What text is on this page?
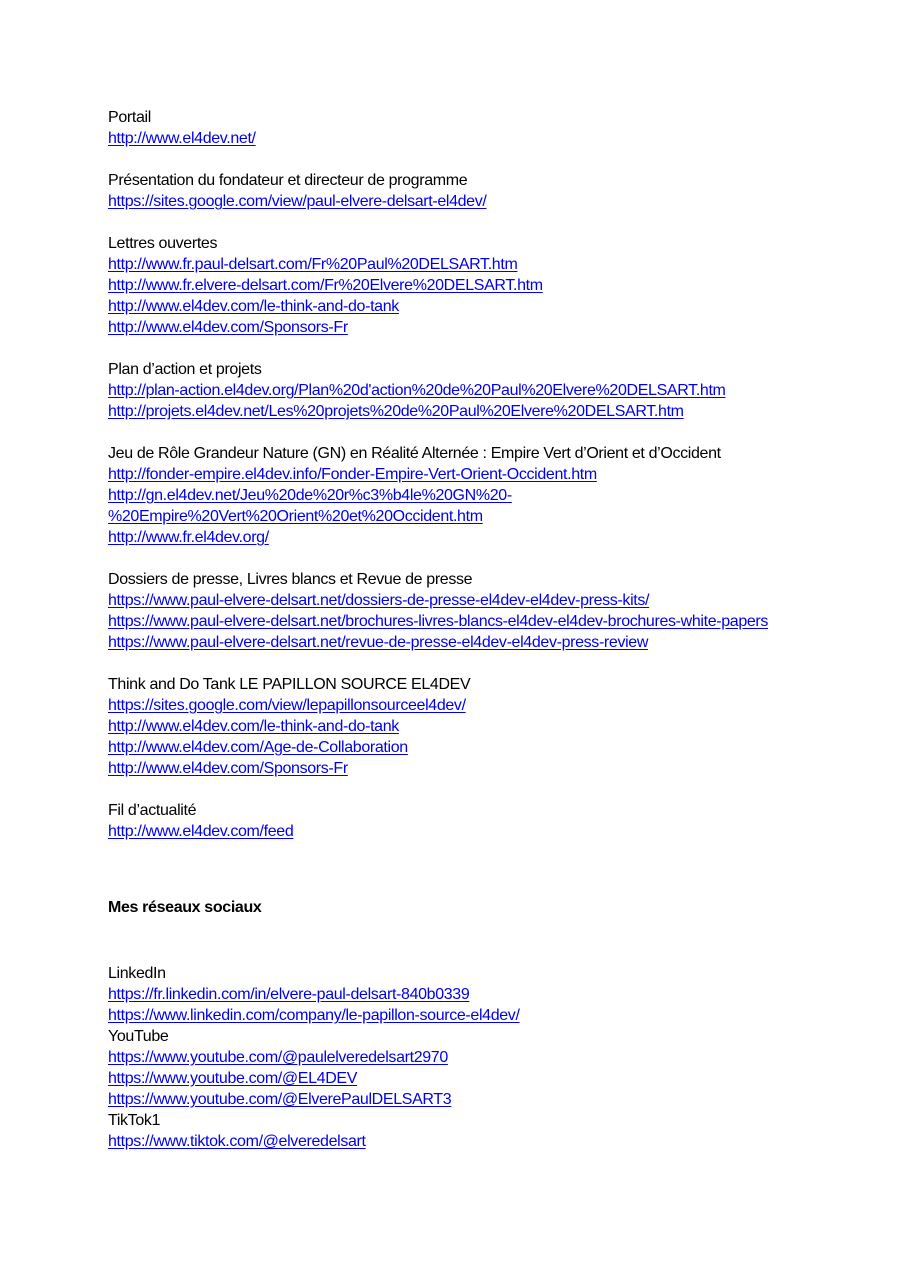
Portail
http://www.el4dev.net/
Présentation du fondateur et directeur de programme
https://sites.google.com/view/paul-elvere-delsart-el4dev/
Lettres ouvertes
http://www.fr.paul-delsart.com/Fr%20Paul%20DELSART.htm
http://www.fr.elvere-delsart.com/Fr%20Elvere%20DELSART.htm
http://www.el4dev.com/le-think-and-do-tank
http://www.el4dev.com/Sponsors-Fr
Plan d’action et projets
http://plan-action.el4dev.org/Plan%20d'action%20de%20Paul%20Elvere%20DELSART.htm
http://projets.el4dev.net/Les%20projets%20de%20Paul%20Elvere%20DELSART.htm
Jeu de Rôle Grandeur Nature (GN) en Réalité Alternée : Empire Vert d’Orient et d’Occident
http://fonder-empire.el4dev.info/Fonder-Empire-Vert-Orient-Occident.htm
http://gn.el4dev.net/Jeu%20de%20r%c3%b4le%20GN%20-
%20Empire%20Vert%20Orient%20et%20Occident.htm
http://www.fr.el4dev.org/
Dossiers de presse, Livres blancs et Revue de presse
https://www.paul-elvere-delsart.net/dossiers-de-presse-el4dev-el4dev-press-kits/
https://www.paul-elvere-delsart.net/brochures-livres-blancs-el4dev-el4dev-brochures-white-papers
https://www.paul-elvere-delsart.net/revue-de-presse-el4dev-el4dev-press-review
Think and Do Tank LE PAPILLON SOURCE EL4DEV
https://sites.google.com/view/lepapillonsourceel4dev/
http://www.el4dev.com/le-think-and-do-tank
http://www.el4dev.com/Age-de-Collaboration
http://www.el4dev.com/Sponsors-Fr
Fil d’actualité
http://www.el4dev.com/feed
Mes réseaux sociaux
LinkedIn
https://fr.linkedin.com/in/elvere-paul-delsart-840b0339
https://www.linkedin.com/company/le-papillon-source-el4dev/
YouTube
https://www.youtube.com/@paulelveredelsart2970
https://www.youtube.com/@EL4DEV
https://www.youtube.com/@ElverePaulDELSART3
TikTok1
https://www.tiktok.com/@elveredelsart
